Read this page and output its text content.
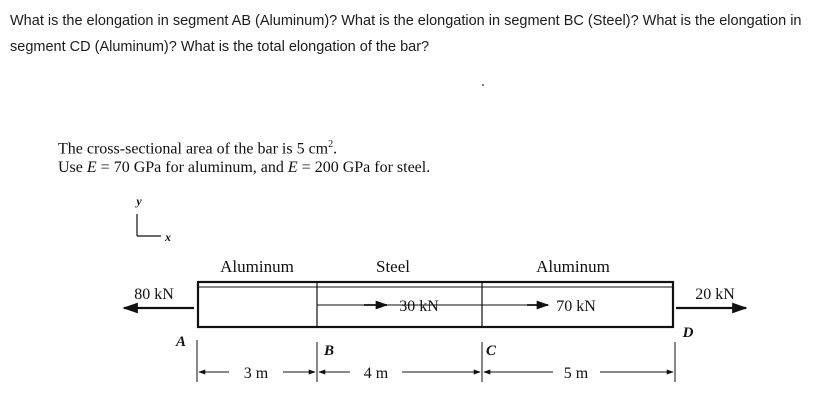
What is the elongation in segment AB (Aluminum)? What is the elongation in segment BC (Steel)? What is the elongation in segment CD (Aluminum)? What is the total elongation of the bar?
The cross-sectional area of the bar is 5 $cm^2$.
Use E = 70 GPa for aluminum, and E = 200 GPa for steel.
y
x
Aluminum	Steel	Aluminum
80 kN
30 kN	70 kN
20 kN
A
B	C
D
3 m	4 m	5 m
